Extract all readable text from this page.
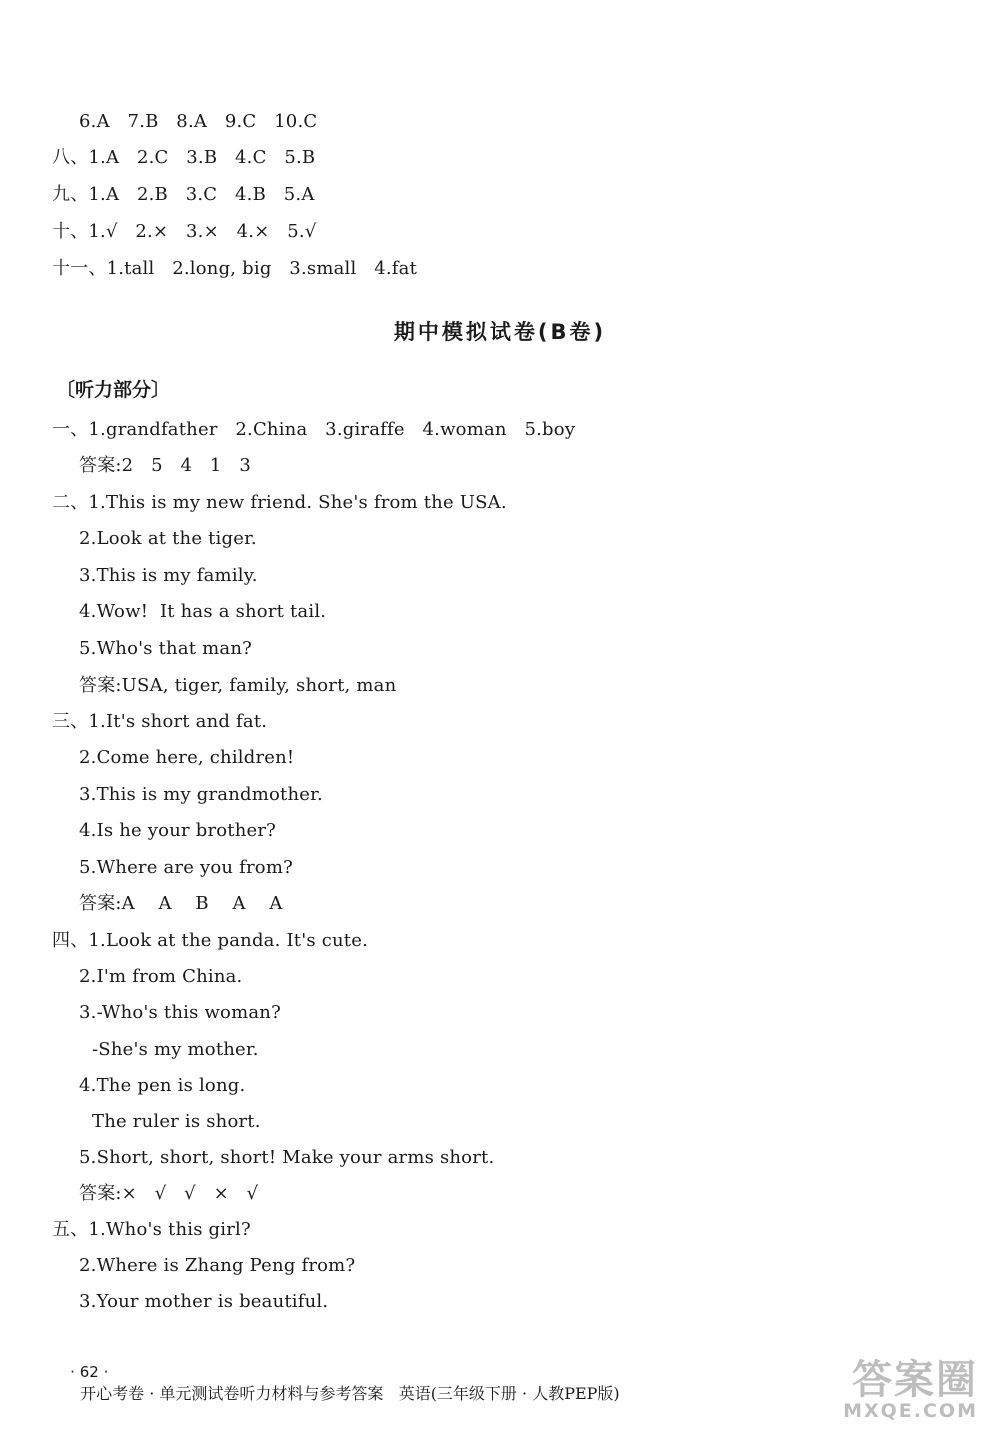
6.A   7.B   8.A   9.C   10.C
八、1.A   2.C   3.B   4.C   5.B
九、1.A   2.B   3.C   4.B   5.A
十、1.√   2.×   3.×   4.×   5.√
十一、1.tall   2.long, big   3.small   4.fat
期中模拟试卷(B卷)
〔听力部分〕
一、1.grandfather   2.China   3.giraffe   4.woman   5.boy
答案:2   5   4   1   3
二、1.This is my new friend. She's from the USA.
2.Look at the tiger.
3.This is my family.
4.Wow!  It has a short tail.
5.Who's that man?
答案:USA, tiger, family, short, man
三、1.It's short and fat.
2.Come here, children!
3.This is my grandmother.
4.Is he your brother?
5.Where are you from?
答案:A    A    B    A    A
四、1.Look at the panda. It's cute.
2.I'm from China.
3.-Who's this woman?
-She's my mother.
4.The pen is long.
The ruler is short.
5.Short, short, short! Make your arms short.
答案:×   √   √   ×   √
五、1.Who's this girl?
2.Where is Zhang Peng from?
3.Your mother is beautiful.

· 62 ·
开心考卷 · 单元测试卷听力材料与参考答案   英语(三年级下册 · 人教PEP版)	答案圈
MXQE.COM
